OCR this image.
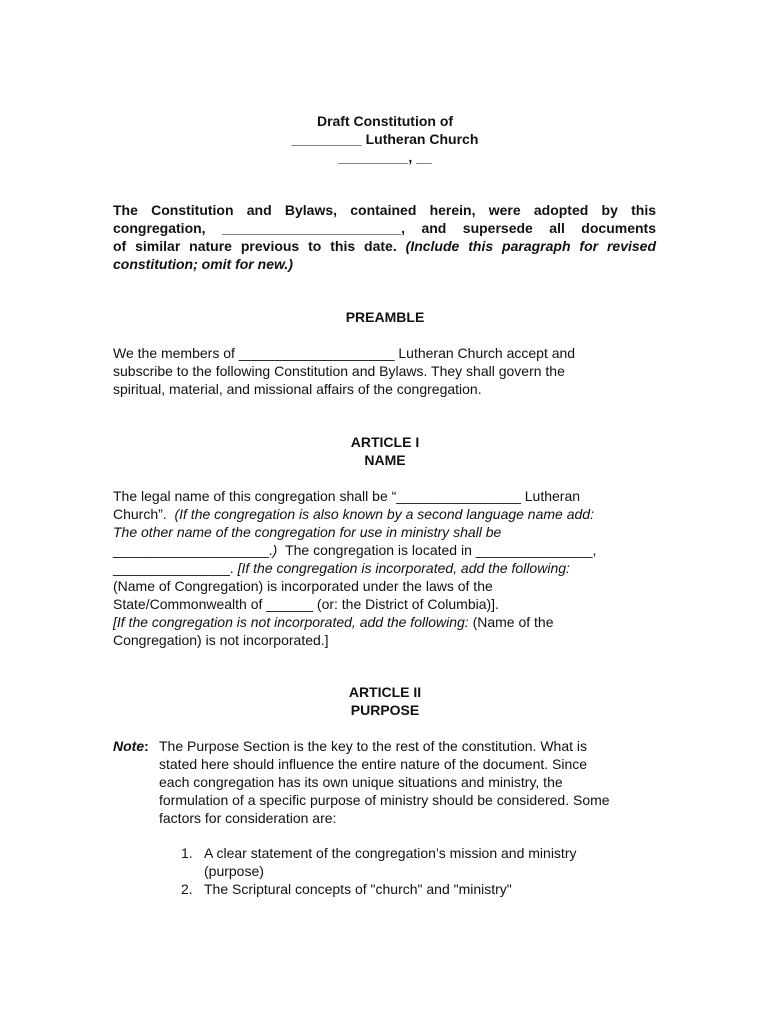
Draft Constitution of
_________ Lutheran Church
_________, __
The Constitution and Bylaws, contained herein, were adopted by this
congregation, _______________________, and supersede all documents
of similar nature previous to this date. (Include this paragraph for revised
constitution; omit for new.)
PREAMBLE
We the members of ____________________ Lutheran Church accept and
subscribe to the following Constitution and Bylaws. They shall govern the
spiritual, material, and missional affairs of the congregation.
ARTICLE I
NAME
The legal name of this congregation shall be “________________ Lutheran
Church”. (If the congregation is also known by a second language name add:
The other name of the congregation for use in ministry shall be
____________________.) The congregation is located in _______________,
_______________. [If the congregation is incorporated, add the following:
(Name of Congregation) is incorporated under the laws of the
State/Commonwealth of ______ (or: the District of Columbia)].
[If the congregation is not incorporated, add the following: (Name of the
Congregation) is not incorporated.]
ARTICLE II
PURPOSE
Note: The Purpose Section is the key to the rest of the constitution. What is
stated here should influence the entire nature of the document. Since
each congregation has its own unique situations and ministry, the
formulation of a specific purpose of ministry should be considered. Some
factors for consideration are:
1. A clear statement of the congregation’s mission and ministry
(purpose)
2. The Scriptural concepts of "church" and "ministry"
